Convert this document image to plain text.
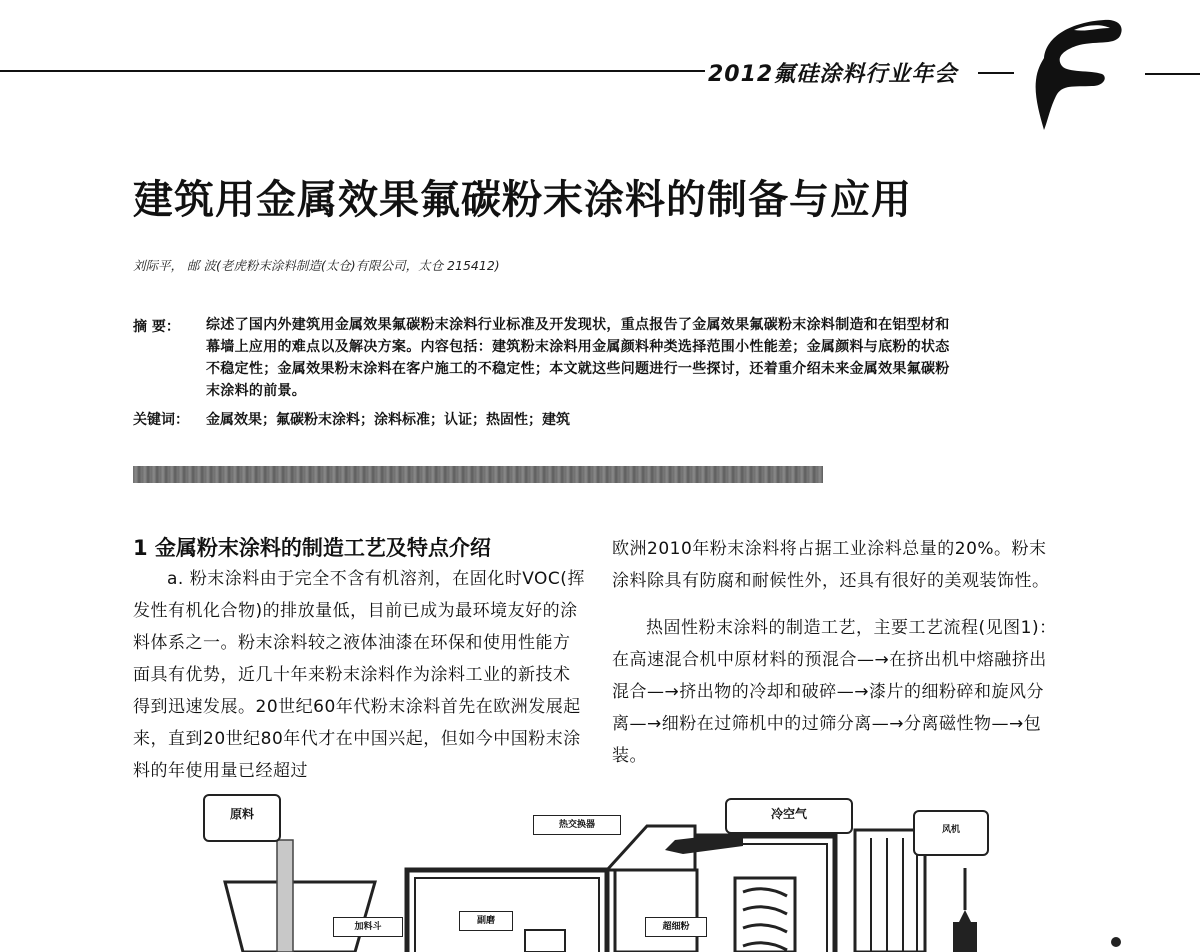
2012氟硅涂料行业年会
建筑用金属效果氟碳粉末涂料的制备与应用
刘际平， 邮 波(老虎粉末涂料制造(太仓)有限公司，太仓 215412)
摘 要：	综述了国内外建筑用金属效果氟碳粉末涂料行业标准及开发现状，重点报告了金属效果氟碳粉末涂料制造和在铝型材和幕墙上应用的难点以及解决方案。内容包括：建筑粉末涂料用金属颜料种类选择范围小性能差；金属颜料与底粉的状态不稳定性；金属效果粉末涂料在客户施工的不稳定性；本文就这些问题进行一些探讨，还着重介绍未来金属效果氟碳粉末涂料的前景。
关键词： 金属效果；氟碳粉末涂料；涂料标准；认证；热固性；建筑
1 金属粉末涂料的制造工艺及特点介绍

a. 粉末涂料由于完全不含有机溶剂，在固化时VOC(挥发性有机化合物)的排放量低，目前已成为最环境友好的涂料体系之一。粉末涂料较之液体油漆在环保和使用性能方面具有优势，近几十年来粉末涂料作为涂料工业的新技术得到迅速发展。20世纪60年代粉末涂料首先在欧洲发展起来，直到20世纪80年代才在中国兴起，但如今中国粉末涂料的年使用量已经超过

欧洲2010年粉末涂料将占据工业涂料总量的20%。粉末涂料除具有防腐和耐候性外，还具有很好的美观装饰性。

热固性粉末涂料的制造工艺，主要工艺流程(见图1)：在高速混合机中原材料的预混合—→在挤出机中熔融挤出混合—→挤出物的冷却和破碎—→漆片的细粉碎和旋风分离—→细粉在过筛机中的过筛分离—→分离磁性物—→包装。

原料
热交换器
冷空气
风机
加料斗
副磨
超细粉
